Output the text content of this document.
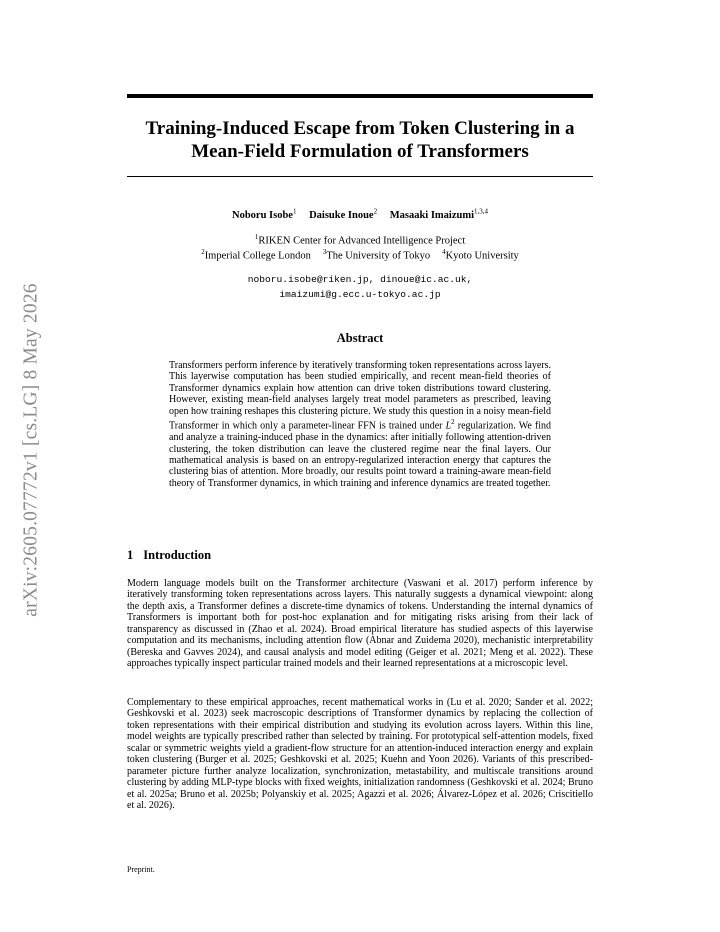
arXiv:2605.07772v1 [cs.LG] 8 May 2026
Training-Induced Escape from Token Clustering in a
Mean-Field Formulation of Transformers
Noboru Isobe$^1$ Daisuke Inoue$^2$ Masaaki Imaizumi$^{1,3,4}$
$^1$RIKEN Center for Advanced Intelligence Project
$^2$Imperial College London $^3$The University of Tokyo $^4$Kyoto University
noboru.isobe@riken.jp, dinoue@ic.ac.uk,
imaizumi@g.ecc.u-tokyo.ac.jp
Abstract

Transformers perform inference by iteratively transforming token representations across layers. This layerwise computation has been studied empirically, and recent mean-field theories of Transformer dynamics explain how attention can drive token distributions toward clustering. However, existing mean-field analyses largely treat model parameters as prescribed, leaving open how training reshapes this clustering picture. We study this question in a noisy mean-field Transformer in which only a parameter-linear FFN is trained under $L^2$ regularization. We find and analyze a training-induced phase in the dynamics: after initially following attention-driven clustering, the token distribution can leave the clustered regime near the final layers. Our mathematical analysis is based on an entropy-regularized interaction energy that captures the clustering bias of attention. More broadly, our results point toward a training-aware mean-field theory of Transformer dynamics, in which training and inference dynamics are treated together.

1 Introduction

Modern language models built on the Transformer architecture (Vaswani et al. 2017) perform inference by iteratively transforming token representations across layers. This naturally suggests a dynamical viewpoint: along the depth axis, a Transformer defines a discrete-time dynamics of tokens. Understanding the internal dynamics of Transformers is important both for post-hoc explanation and for mitigating risks arising from their lack of transparency as discussed in (Zhao et al. 2024). Broad empirical literature has studied aspects of this layerwise computation and its mechanisms, including attention flow (Abnar and Zuidema 2020), mechanistic interpretability (Bereska and Gavves 2024), and causal analysis and model editing (Geiger et al. 2021; Meng et al. 2022). These approaches typically inspect particular trained models and their learned representations at a microscopic level.

Complementary to these empirical approaches, recent mathematical works in (Lu et al. 2020; Sander et al. 2022; Geshkovski et al. 2023) seek macroscopic descriptions of Transformer dynamics by replacing the collection of token representations with their empirical distribution and studying its evolution across layers. Within this line, model weights are typically prescribed rather than selected by training. For prototypical self-attention models, fixed scalar or symmetric weights yield a gradient-flow structure for an attention-induced interaction energy and explain token clustering (Burger et al. 2025; Geshkovski et al. 2025; Kuehn and Yoon 2026). Variants of this prescribed-parameter picture further analyze localization, synchronization, metastability, and multiscale transitions around clustering by adding MLP-type blocks with fixed weights, initialization randomness (Geshkovski et al. 2024; Bruno et al. 2025a; Bruno et al. 2025b; Polyanskiy et al. 2025; Agazzi et al. 2026; Álvarez-López et al. 2026; Criscitiello et al. 2026).

Preprint.
